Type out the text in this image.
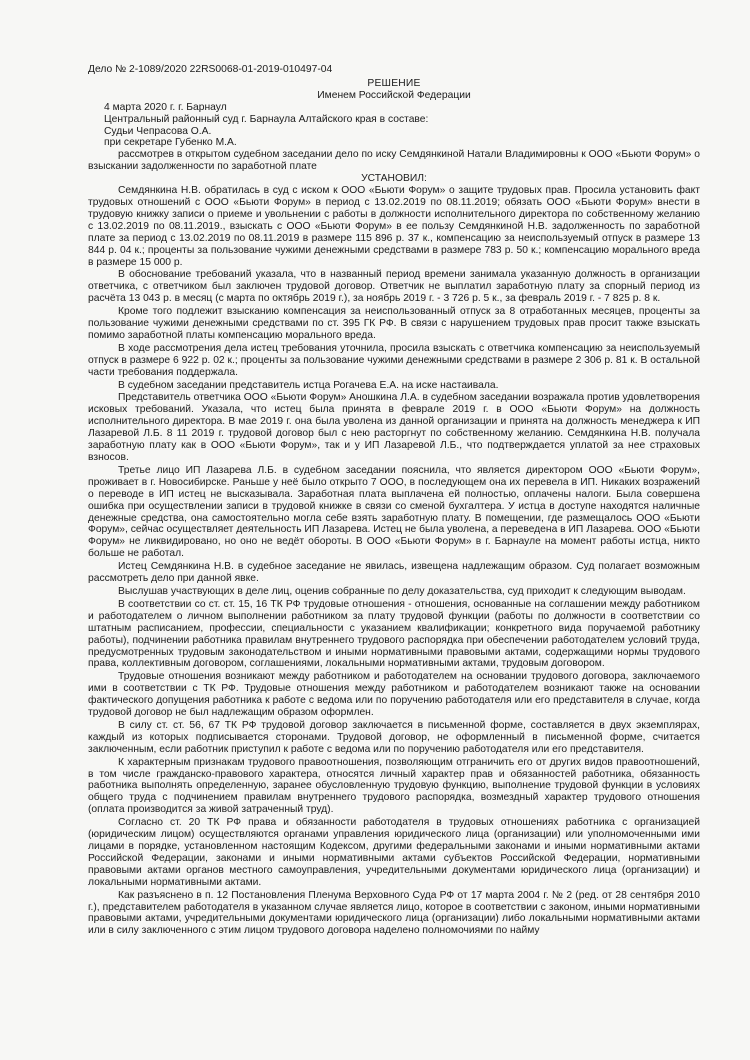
Дело № 2-1089/2020 22RS0068-01-2019-010497-04

РЕШЕНИЕ

Именем Российской Федерации

4 марта 2020 г. г. Барнаул

Центральный районный суд г. Барнаула Алтайского края в составе:

Судьи Чепрасова О.А.

при секретаре Губенко М.А.

рассмотрев в открытом судебном заседании дело по иску Семдянкиной Натали Владимировны к ООО «Бьюти Форум» о взыскании задолженности по заработной плате

УСТАНОВИЛ:

Семдянкина Н.В. обратилась в суд с иском к ООО «Бьюти Форум» о защите трудовых прав. Просила установить факт трудовых отношений с ООО «Бьюти Форум» в период с 13.02.2019 по 08.11.2019; обязать ООО «Бьюти Форум» внести в трудовую книжку записи о приеме и увольнении с работы в должности исполнительного директора по собственному желанию с 13.02.2019 по 08.11.2019., взыскать с ООО «Бьюти Форум» в ее пользу Семдянкиной Н.В. задолженность по заработной плате за период с 13.02.2019 по 08.11.2019 в размере 115 896 р. 37 к., компенсацию за неиспользуемый отпуск в размере 13 844 р. 04 к.; проценты за пользование чужими денежными средствами в размере 783 р. 50 к.; компенсацию морального вреда в размере 15 000 р.

В обоснование требований указала, что в названный период времени занимала указанную должность в организации ответчика, с ответчиком был заключен трудовой договор. Ответчик не выплатил заработную плату за спорный период из расчёта 13 043 р. в месяц (с марта по октябрь 2019 г.), за ноябрь 2019 г. - 3 726 р. 5 к., за февраль 2019 г. - 7 825 р. 8 к.

Кроме того подлежит взысканию компенсация за неиспользованный отпуск за 8 отработанных месяцев, проценты за пользование чужими денежными средствами по ст. 395 ГК РФ. В связи с нарушением трудовых прав просит также взыскать помимо заработной платы компенсацию морального вреда.

В ходе рассмотрения дела истец требования уточнила, просила взыскать с ответчика компенсацию за неиспользуемый отпуск в размере 6 922 р. 02 к.; проценты за пользование чужими денежными средствами в размере 2 306 р. 81 к. В остальной части требования поддержала.

В судебном заседании представитель истца Рогачева Е.А. на иске настаивала.

Представитель ответчика ООО «Бьюти Форум» Аношкина Л.А. в судебном заседании возражала против удовлетворения исковых требований. Указала, что истец была принята в феврале 2019 г. в ООО «Бьюти Форум» на должность исполнительного директора. В мае 2019 г. она была уволена из данной организации и принята на должность менеджера к ИП Лазаревой Л.Б. 8 11 2019 г. трудовой договор был с нею расторгнут по собственному желанию. Семдянкина Н.В. получала заработную плату как в ООО «Бьюти Форум», так и у ИП Лазаревой Л.Б., что подтверждается уплатой за нее страховых взносов.

Третье лицо ИП Лазарева Л.Б. в судебном заседании пояснила, что является директором ООО «Бьюти Форум», проживает в г. Новосибирске. Раньше у неё было открыто 7 ООО, в последующем она их перевела в ИП. Никаких возражений о переводе в ИП истец не высказывала. Заработная плата выплачена ей полностью, оплачены налоги. Была совершена ошибка при осуществлении записи в трудовой книжке в связи со сменой бухгалтера. У истца в доступе находятся наличные денежные средства, она самостоятельно могла себе взять заработную плату. В помещении, где размещалось ООО «Бьюти Форум», сейчас осуществляет деятельность ИП Лазарева. Истец не была уволена, а переведена в ИП Лазарева. ООО «Бьюти Форум» не ликвидировано, но оно не ведёт обороты. В ООО «Бьюти Форум» в г. Барнауле на момент работы истца, никто больше не работал.

Истец Семдянкина Н.В. в судебное заседание не явилась, извещена надлежащим образом. Суд полагает возможным рассмотреть дело при данной явке.

Выслушав участвующих в деле лиц, оценив собранные по делу доказательства, суд приходит к следующим выводам.

В соответствии со ст. ст. 15, 16 ТК РФ трудовые отношения - отношения, основанные на соглашении между работником и работодателем о личном выполнении работником за плату трудовой функции (работы по должности в соответствии со штатным расписанием, профессии, специальности с указанием квалификации; конкретного вида поручаемой работнику работы), подчинении работника правилам внутреннего трудового распорядка при обеспечении работодателем условий труда, предусмотренных трудовым законодательством и иными нормативными правовыми актами, содержащими нормы трудового права, коллективным договором, соглашениями, локальными нормативными актами, трудовым договором.

Трудовые отношения возникают между работником и работодателем на основании трудового договора, заключаемого ими в соответствии с ТК РФ. Трудовые отношения между работником и работодателем возникают также на основании фактического допущения работника к работе с ведома или по поручению работодателя или его представителя в случае, когда трудовой договор не был надлежащим образом оформлен.

В силу ст. ст. 56, 67 ТК РФ трудовой договор заключается в письменной форме, составляется в двух экземплярах, каждый из которых подписывается сторонами. Трудовой договор, не оформленный в письменной форме, считается заключенным, если работник приступил к работе с ведома или по поручению работодателя или его представителя.

К характерным признакам трудового правоотношения, позволяющим отграничить его от других видов правоотношений, в том числе гражданско-правового характера, относятся личный характер прав и обязанностей работника, обязанность работника выполнять определенную, заранее обусловленную трудовую функцию, выполнение трудовой функции в условиях общего труда с подчинением правилам внутреннего трудового распорядка, возмездный характер трудового отношения (оплата производится за живой затраченный труд).

Согласно ст. 20 ТК РФ права и обязанности работодателя в трудовых отношениях работника с организацией (юридическим лицом) осуществляются органами управления юридического лица (организации) или уполномоченными ими лицами в порядке, установленном настоящим Кодексом, другими федеральными законами и иными нормативными актами Российской Федерации, законами и иными нормативными актами субъектов Российской Федерации, нормативными правовыми актами органов местного самоуправления, учредительными документами юридического лица (организации) и локальными нормативными актами.

Как разъяснено в п. 12 Постановления Пленума Верховного Суда РФ от 17 марта 2004 г. № 2 (ред. от 28 сентября 2010 г.), представителем работодателя в указанном случае является лицо, которое в соответствии с законом, иными нормативными правовыми актами, учредительными документами юридического лица (организации) либо локальными нормативными актами или в силу заключенного с этим лицом трудового договора наделено полномочиями по найму
